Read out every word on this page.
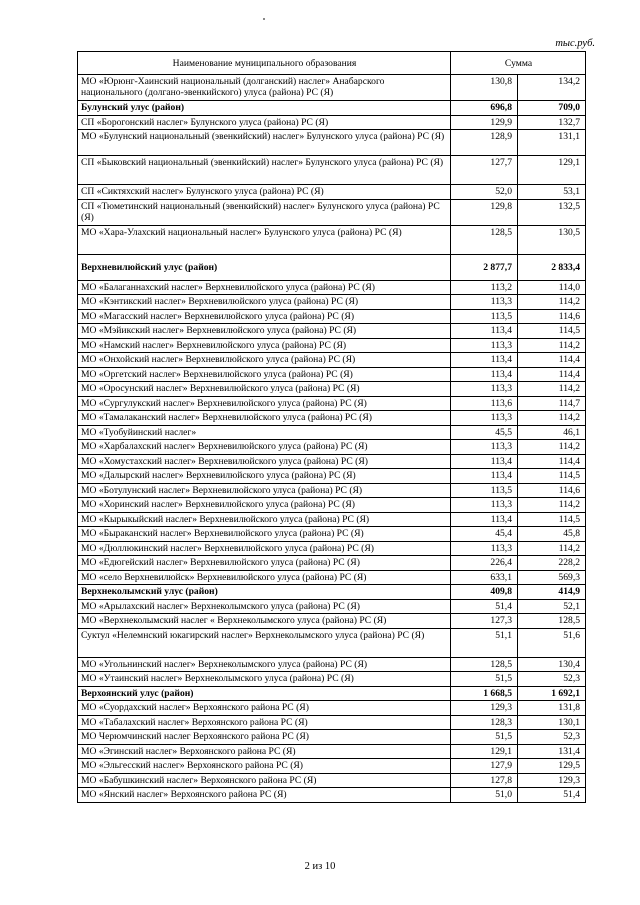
тыс.руб.
Наименование муниципального образования	Сумма	
МО «Юрюнг-Хаинский национальный (долганский) наслег» Анабарского национального (долгано-эвенкийского) улуса (района) РС (Я)	130,8	134,2
Булунский улус (район)	696,8	709,0
СП «Борогонский наслег» Булунского улуса (района) РС (Я)	129,9	132,7
МО «Булунский национальный (эвенкийский) наслег» Булунского улуса (района) РС (Я)	128,9	131,1
СП «Быковский национальный (эвенкийский) наслег» Булунского улуса (района) РС (Я)	127,7	129,1
СП «Сиктяхский наслег» Булунского улуса (района) РС (Я)	52,0	53,1
СП «Тюметинский национальный (эвенкийский) наслег» Булунского улуса (района) РС (Я)	129,8	132,5
МО «Хара-Улахский национальный наслег» Булунского улуса (района) РС (Я)	128,5	130,5
Верхневилюйский улус (район)	2 877,7	2 833,4
МО «Балаганнахский наслег» Верхневилюйского улуса (района) РС (Я)	113,2	114,0
МО «Кэнтикский наслег» Верхневилюйского улуса (района) РС (Я)	113,3	114,2
МО «Магасский наслег» Верхневилюйского улуса (района) РС (Я)	113,5	114,6
МО «Мэйикский наслег» Верхневилюйского улуса (района) РС (Я)	113,4	114,5
МО «Намский наслег» Верхневилюйского улуса (района) РС (Я)	113,3	114,2
МО «Онхойский наслег» Верхневилюйского улуса (района) РС (Я)	113,4	114,4
МО «Оргетский наслег» Верхневилюйского улуса (района) РС (Я)	113,4	114,4
МО «Оросунский наслег» Верхневилюйского улуса (района) РС (Я)	113,3	114,2
МО «Сургулукский наслег» Верхневилюйского улуса (района) РС (Я)	113,6	114,7
МО «Тамалаканский наслег» Верхневилюйского улуса (района) РС (Я)	113,3	114,2
МО «Туобуйинский наслег»	45,5	46,1
МО «Харбалахский наслег» Верхневилюйского улуса (района) РС (Я)	113,3	114,2
МО «Хомустахский наслег» Верхневилюйского улуса (района) РС (Я)	113,4	114,4
МО «Далырский наслег» Верхневилюйского улуса (района) РС (Я)	113,4	114,5
МО «Ботулунский наслег» Верхневилюйского улуса (района) РС (Я)	113,5	114,6
МО «Хоринский наслег» Верхневилюйского улуса (района) РС (Я)	113,3	114,2
МО «Кырыкыйский наслег» Верхневилюйского улуса (района) РС (Я)	113,4	114,5
МО «Быраканский наслег» Верхневилюйского улуса (района) РС (Я)	45,4	45,8
МО «Дюллюкинский наслег» Верхневилюйского улуса (района) РС (Я)	113,3	114,2
МО «Едюгейский наслег» Верхневилюйского улуса (района) РС (Я)	226,4	228,2
МО «село Верхневилюйск» Верхневилюйского улуса (района) РС (Я)	633,1	569,3
Верхнеколымский улус (район)	409,8	414,9
МО «Арылахский наслег» Верхнеколымского улуса (района) РС (Я)	51,4	52,1
МО «Верхнеколымский наслег « Верхнеколымского улуса (района) РС (Я)	127,3	128,5
Суктул «Нелемнский юкагирский наслег» Верхнеколымского улуса (района) РС (Я)	51,1	51,6
МО «Угольнинский наслег» Верхнеколымского улуса (района) РС (Я)	128,5	130,4
МО «Утаинский наслег» Верхнеколымского улуса (района) РС (Я)	51,5	52,3
Верхоянский улус (район)	1 668,5	1 692,1
МО «Суордахский наслег» Верхоянского района РС (Я)	129,3	131,8
МО «Табалахский наслег» Верхоянского района РС (Я)	128,3	130,1
МО Черюмчинский наслег Верхоянского района РС (Я)	51,5	52,3
МО «Эгинский наслег» Верхоянского района РС (Я)	129,1	131,4
МО «Эльгесский наслег» Верхоянского района РС (Я)	127,9	129,5
МО «Бабушкинский наслег» Верхоянского района РС (Я)	127,8	129,3
МО «Янский наслег» Верхоянского района РС (Я)	51,0	51,4
2 из 10
